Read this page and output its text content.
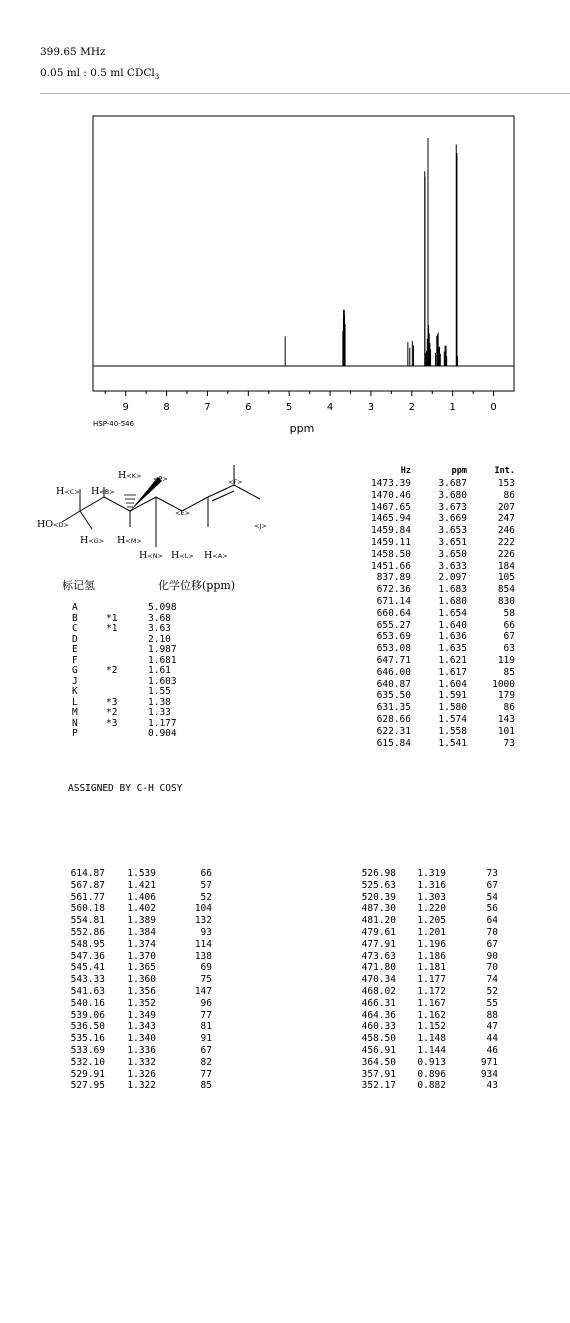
399.65 MHz
0.05 ml : 0.5 ml CDCl$_3$
9	8	7	6	5	4	3	2	1	0
ppm
HSP-40-546
H<K>
H<C> H<B>
HO<D>
H<G> H<M>
H<N> H<L> H<A>
<P>	<F>
<E>
<J>
标记氢	化学位移(ppm)
A		5.098
B	*1	3.68
C	*1	3.63
D		2.10
E		1.987
F		1.681
G	*2	1.61
J		1.603
K		1.55
L	*3	1.38
M	*2	1.33
N	*3	1.177
P		0.904
ASSIGNED BY C-H COSY
Hz	ppm	Int.
1473.39	3.687	153
1470.46	3.680	86
1467.65	3.673	207
1465.94	3.669	247
1459.84	3.653	246
1459.11	3.651	222
1458.50	3.650	226
1451.66	3.633	184
837.89	2.097	105
672.36	1.683	854
671.14	1.680	830
660.64	1.654	58
655.27	1.640	66
653.69	1.636	67
653.08	1.635	63
647.71	1.621	119
646.00	1.617	85
640.87	1.604	1000
635.50	1.591	179
631.35	1.580	86
628.66	1.574	143
622.31	1.558	101
615.84	1.541	73
614.87	1.539	66
567.87	1.421	57
561.77	1.406	52
560.18	1.402	104
554.81	1.389	132
552.86	1.384	93
548.95	1.374	114
547.36	1.370	138
545.41	1.365	69
543.33	1.360	75
541.63	1.356	147
540.16	1.352	96
539.06	1.349	77
536.50	1.343	81
535.16	1.340	91
533.69	1.336	67
532.10	1.332	82
529.91	1.326	77
527.95	1.322	85
526.98	1.319	73
525.63	1.316	67
520.39	1.303	54
487.30	1.220	56
481.20	1.205	64
479.61	1.201	70
477.91	1.196	67
473.63	1.186	90
471.80	1.181	70
470.34	1.177	74
468.02	1.172	52
466.31	1.167	55
464.36	1.162	88
460.33	1.152	47
458.50	1.148	44
456.91	1.144	46
364.50	0.913	971
357.91	0.896	934
352.17	0.882	43
